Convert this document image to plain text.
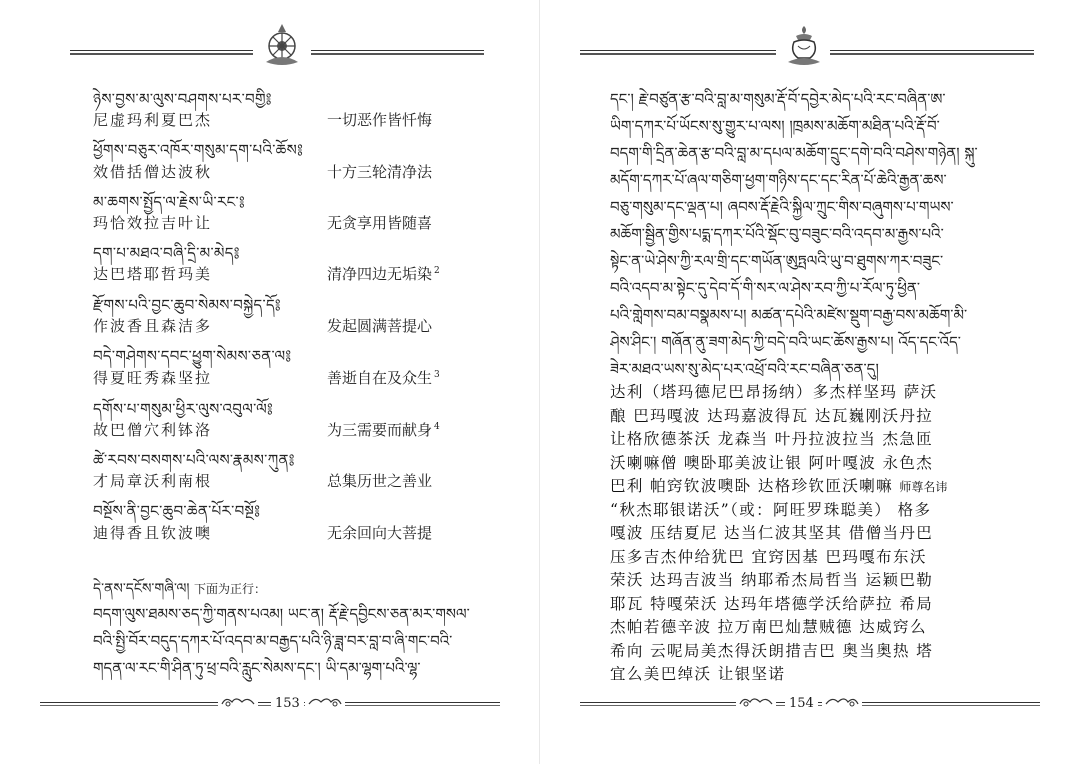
ཉེས་བྱས་མ་ལུས་བཤགས་པར་བགྱི༔
尼虚玛利夏巴杰	一切恶作皆忏悔
ཕྱོགས་བཅུར་འཁོར་གསུམ་དག་པའི་ཆོས༔
效借括僧达波秋	十方三轮清净法
མ་ཆགས་སྤྱོད་ལ་རྗེས་ཡི་རང་༔
玛恰效拉吉叶让	无贪享用皆随喜
དག་པ་མཐའ་བཞི་དྲི་མ་མེད༔
达巴塔耶哲玛美	清净四边无垢染 $^2$
རྫོགས་པའི་བྱང་ཆུབ་སེམས་བསྐྱེད་དོ༔
作波香且森洁多	发起圆满菩提心
བདེ་གཤེགས་དབང་ཕྱུག་སེམས་ཅན་ལ༔
得夏旺秀森坚拉	善逝自在及众生 $^3$
དགོས་པ་གསུམ་ཕྱིར་ལུས་འབུལ་ལོ༔
故巴僧穴利钵洛	为三需要而献身 $^4$
ཚེ་རབས་བསགས་པའི་ལས་རྣམས་ཀུན༔
才局章沃利南根	总集历世之善业
བསྔོས་ནི་བྱང་ཆུབ་ཆེན་པོར་བསྔོ༔
迪得香且钦波噢	无余回向大菩提
དེ་ནས་དངོས་གཞི་ལ། 下面为正行：
བདག་ལུས་ཐམས་ཅད་ཀྱི་གནས་པའམ། ཡང་ན། རྡོ་རྗེ་དབྱིངས་ཅན་མར་གསལ་
བའི་སྤྱི་བོར་བདུད་དཀར་པོ་འདབ་མ་བརྒྱད་པའི་ཉི་ཟླ་བར་བླ་བ་ཞི་གང་བའི་
གདན་ལ་རང་གི་ཤིན་ཏུ་ཕྲ་བའི་རླུང་སེམས་དང་། ཡི་དམ་ལྷག་པའི་ལྷ་
153
དང་། རྗེ་བཙུན་རྩ་བའི་བླ་མ་གསུམ་རྡོ་བོ་དབྱེར་མེད་པའི་རང་བཞིན་ཨ་
ཡིག་དཀར་པོ་ཡོངས་སུ་གྱུར་པ་ལས། །ཁྲམས་མཆོག་མཐིན་པའི་རྡོ་བོ་
བདག་གི་དྲིན་ཆེན་རྩ་བའི་བླ་མ་དཔལ་མཆོག་དྲུང་དགེ་བའི་བཤེས་གཉེན། སྐུ་
མདོག་དཀར་པོ་ཞལ་གཅིག་ཕྱག་གཉིས་དང་དང་རིན་པོ་ཆེའི་རྒྱན་ཆས་
བཅུ་གསུམ་དང་ལྡན་པ། ཞབས་རྡོ་རྗེའི་སྐྱིལ་ཀྲུང་གིས་བཞུགས་པ་གཡས་
མཆོག་སྦྱིན་གྱིས་པདྨ་དཀར་པོའི་སྡོང་བུ་བཟུང་བའི་འདབ་མ་རྒྱས་པའི་
སྟེང་ན་ཡེ་ཤེས་ཀྱི་རལ་གྲི་དང་གཡོན་ཨུཏྤལའི་ཡུ་བ་ཐུགས་ཀར་བཟུང་
བའི་འདབ་མ་སྟེང་དུ་དེབ་དོ་གི་སར་ལ་ཤེས་རབ་ཀྱི་པ་རོལ་ཏུ་ཕྱིན་
པའི་གླེགས་བམ་བསྣམས་པ། མཚན་དཔེའི་མཛེས་སྡུག་བརྒྱ་བས་མཆོག་མི་
ཤེས་ཤིང་། གཞོན་ནུ་ཟག་མེད་ཀྱི་བདེ་བའི་ཡང་ཆོས་རྒྱས་པ། འོད་དང་འོད་
ཟེར་མཐའ་ཡས་སུ་མེད་པར་འཕྲོ་བའི་རང་བཞིན་ཅན་དུ།
达利（塔玛德尼巴昂扬纳）多杰样坚玛 萨沃
酿 巴玛嘎波 达玛嘉波得瓦 达瓦巍刚沃丹拉
让格欣德茶沃 龙森当 叶丹拉波拉当 杰急匝
沃喇嘛僧 噢卧耶美波让银 阿叶嘎波 永色杰
巴利 帕窍钦波噢卧 达格珍钦匝沃喇嘛 师尊名讳
“秋杰耶银诺沃”（或：阿旺罗珠聪美） 格多
嘎波 压结夏尼 达当仁波其坚其 借僧当丹巴
压多吉杰仲给犹巴 宜窍因基 巴玛嘎布东沃
荣沃 达玛吉波当 纳耶希杰局哲当 运颖巴勒
耶瓦 特嘎荣沃 达玛年塔德学沃给萨拉 希局
杰帕若德辛波 拉万南巴灿慧贼德 达威窍么
希向 云呢局美杰得沃朗措吉巴 奥当奥热 塔
154
宜么美巴绰沃 让银坚诺
